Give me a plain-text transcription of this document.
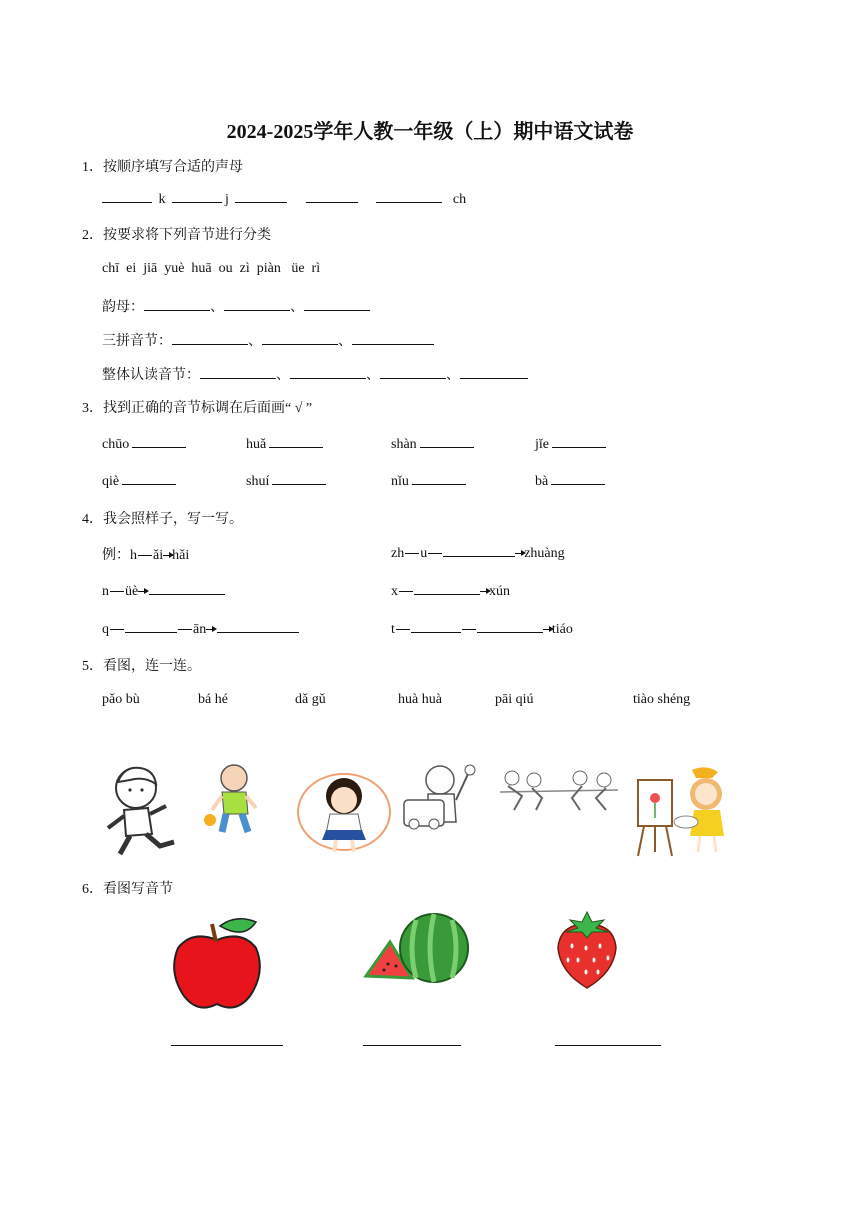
2024-2025学年人教一年级（上）期中语文试卷
1．按顺序填写合适的声母
k	j	ch
2．按要求将下列音节进行分类
chī  ei  jiā  yuè  huā  ou  zì  piàn   üe  rì
韵母：	、	、
三拼音节：	、	、
整体认读音节：	、	、	、
3．找到正确的音节标调在后面画“ √ ”
chūo	huǎ	shàn	jǐe
qiè	shuí	nǐu	bà
4．我会照样子，写一写。
例：h ǎi hǎi	zh u	zhuàng
n üè	x	xún
q	ān	t	tiáo
5．看图，连一连。
pǎo bù	bá hé	dǎ gǔ	huà huà	pāi qiú	tiào shéng
6．看图写音节
